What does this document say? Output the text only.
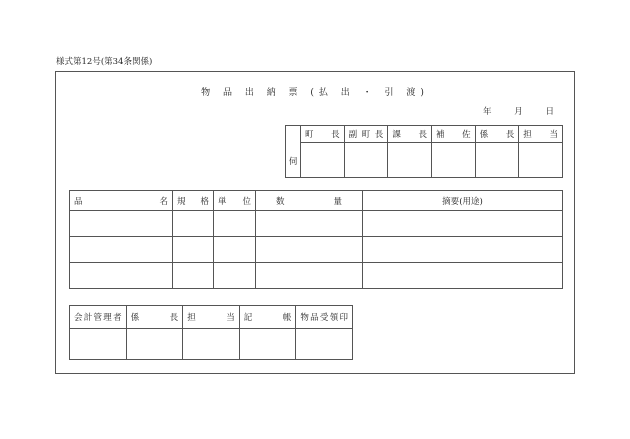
様式第12号(第34条関係)
物 品 出 納 票 (払 出 ・ 引 渡)
年	月	日
伺	町長	副町長	課長	補佐	係長	担当

品名	規格	単位	数量	摘要(用途)

会計管理者	係長	担当	記帳	物品受領印
